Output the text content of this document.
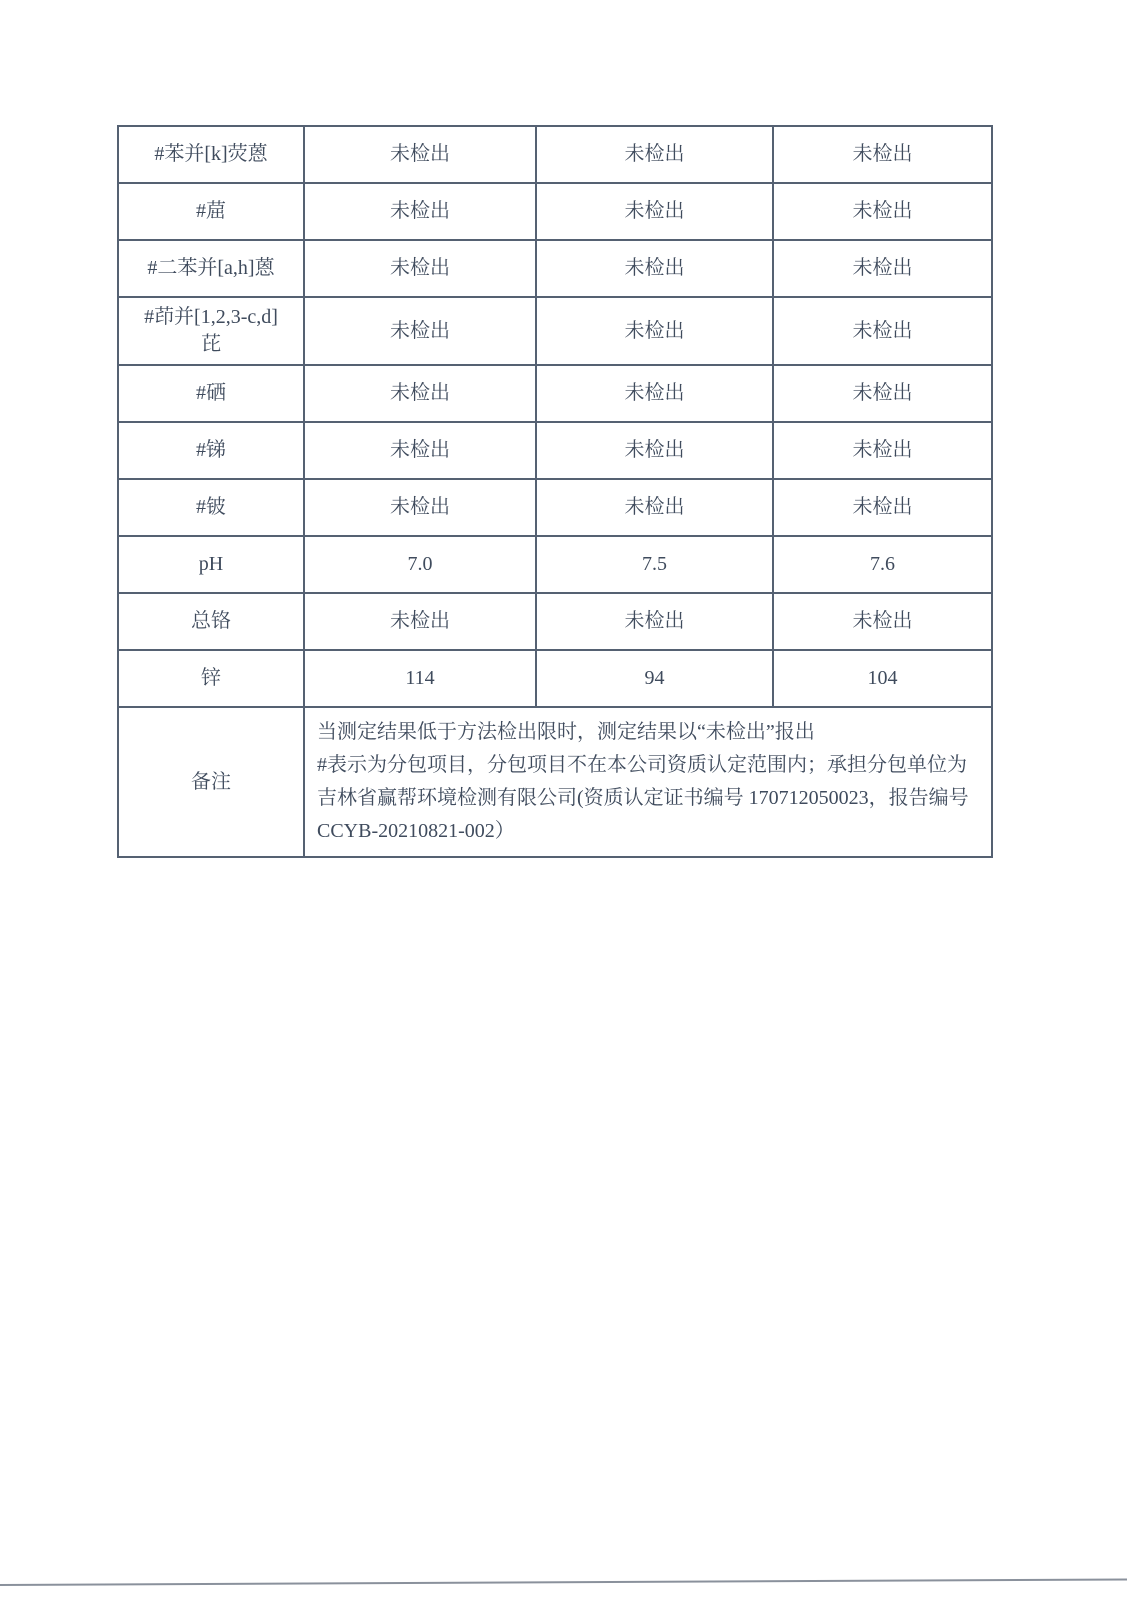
#苯并[k]荧蒽	未检出	未检出	未检出
#䓛	未检出	未检出	未检出
#二苯并[a,h]蒽	未检出	未检出	未检出
#茚并[1,2,3-c,d]芘	未检出	未检出	未检出
#硒	未检出	未检出	未检出
#锑	未检出	未检出	未检出
#铍	未检出	未检出	未检出
pH	7.0	7.5	7.6
总铬	未检出	未检出	未检出
锌	114	94	104
备注	当测定结果低于方法检出限时，测定结果以“未检出”报出

#表示为分包项目，分包项目不在本公司资质认定范围内；承担分包单位为吉林省赢帮环境检测有限公司(资质认定证书编号 170712050023，报告编号 CCYB-20210821-002）		
